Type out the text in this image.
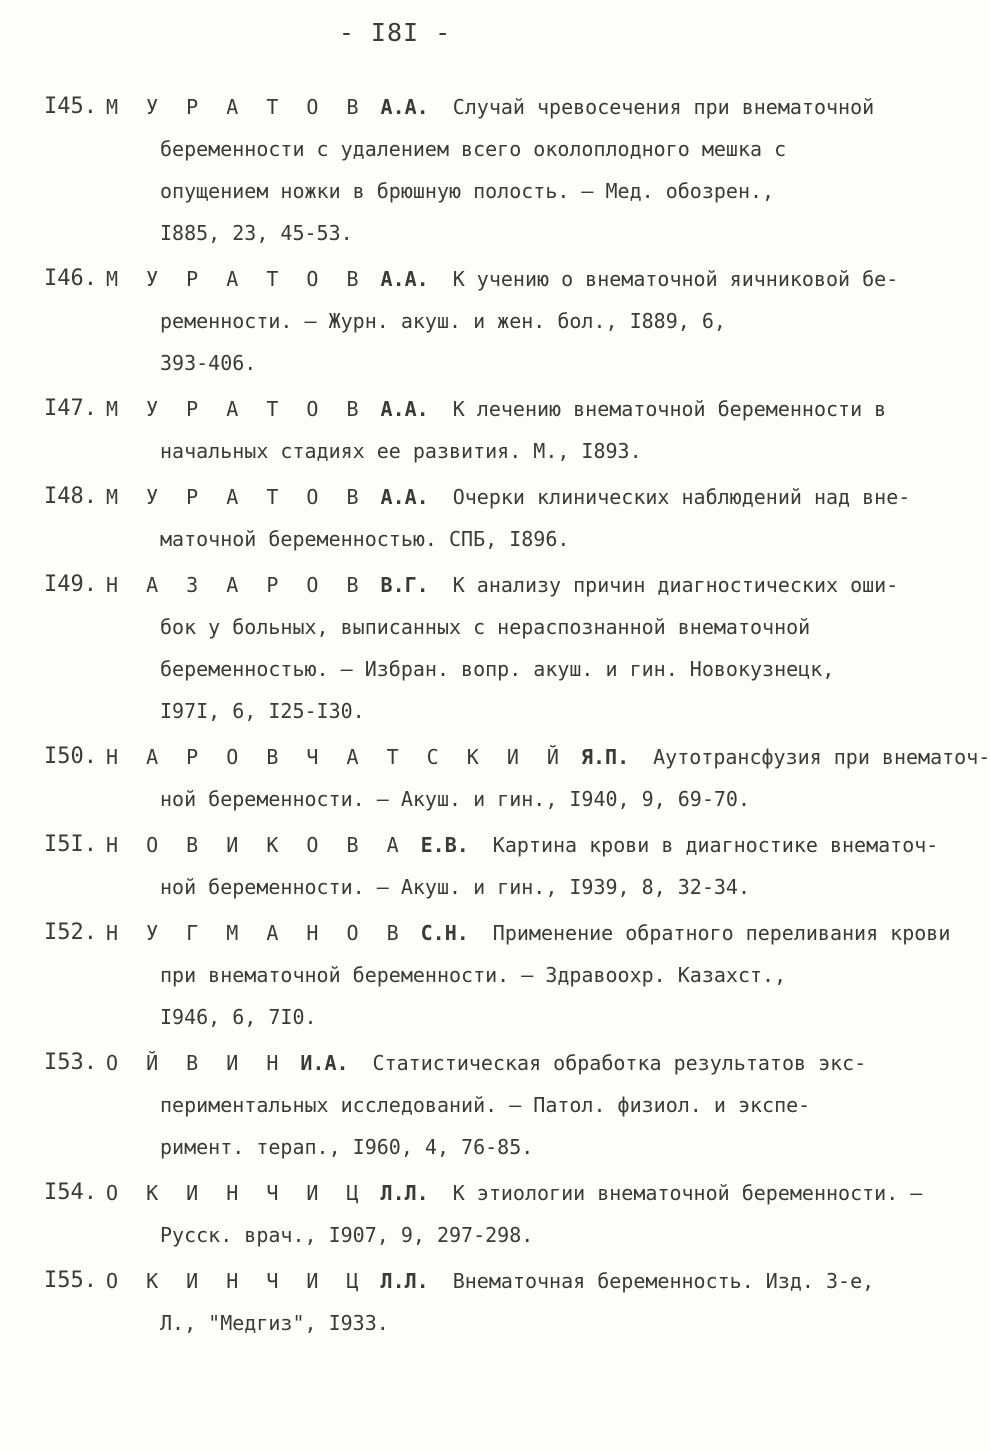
- I8I -
I45. М У Р А Т О В А.А. Случай чревосечения при внематочной
беременности с удалением всего околоплодного мешка с
опущением ножки в брюшную полость. – Мед. обозрен.,
I885, 23, 45-53.
I46. М У Р А Т О В А.А. К учению о внематочной яичниковой бе-
ременности. – Журн. акуш. и жен. бол., I889, 6,
393-406.
I47. М У Р А Т О В А.А. К лечению внематочной беременности в
начальных стадиях ее развития. М., I893.
I48. М У Р А Т О В А.А. Очерки клинических наблюдений над вне-
маточной беременностью. СПБ, I896.
I49. Н А З А Р О В В.Г. К анализу причин диагностических оши-
бок у больных, выписанных с нераспознанной внематочной
беременностью. – Избран. вопр. акуш. и гин. Новокузнецк,
I97I, 6, I25-I30.
I50. Н А Р О В Ч А Т С К И Й Я.П. Аутотрансфузия при внематоч-
ной беременности. – Акуш. и гин., I940, 9, 69-70.
I5I. Н О В И К О В А Е.В. Картина крови в диагностике внематоч-
ной беременности. – Акуш. и гин., I939, 8, 32-34.
I52. Н У Г М А Н О В С.Н. Применение обратного переливания крови
при внематочной беременности. – Здравоохр. Казахст.,
I946, 6, 7I0.
I53. О Й В И Н И.А. Статистическая обработка результатов экс-
периментальных исследований. – Патол. физиол. и экспе-
римент. терап., I960, 4, 76-85.
I54. О К И Н Ч И Ц Л.Л. К этиологии внематочной беременности. –
Русск. врач., I907, 9, 297-298.
I55. О К И Н Ч И Ц Л.Л. Внематочная беременность. Изд. 3-е,
Л., "Медгиз", I933.
